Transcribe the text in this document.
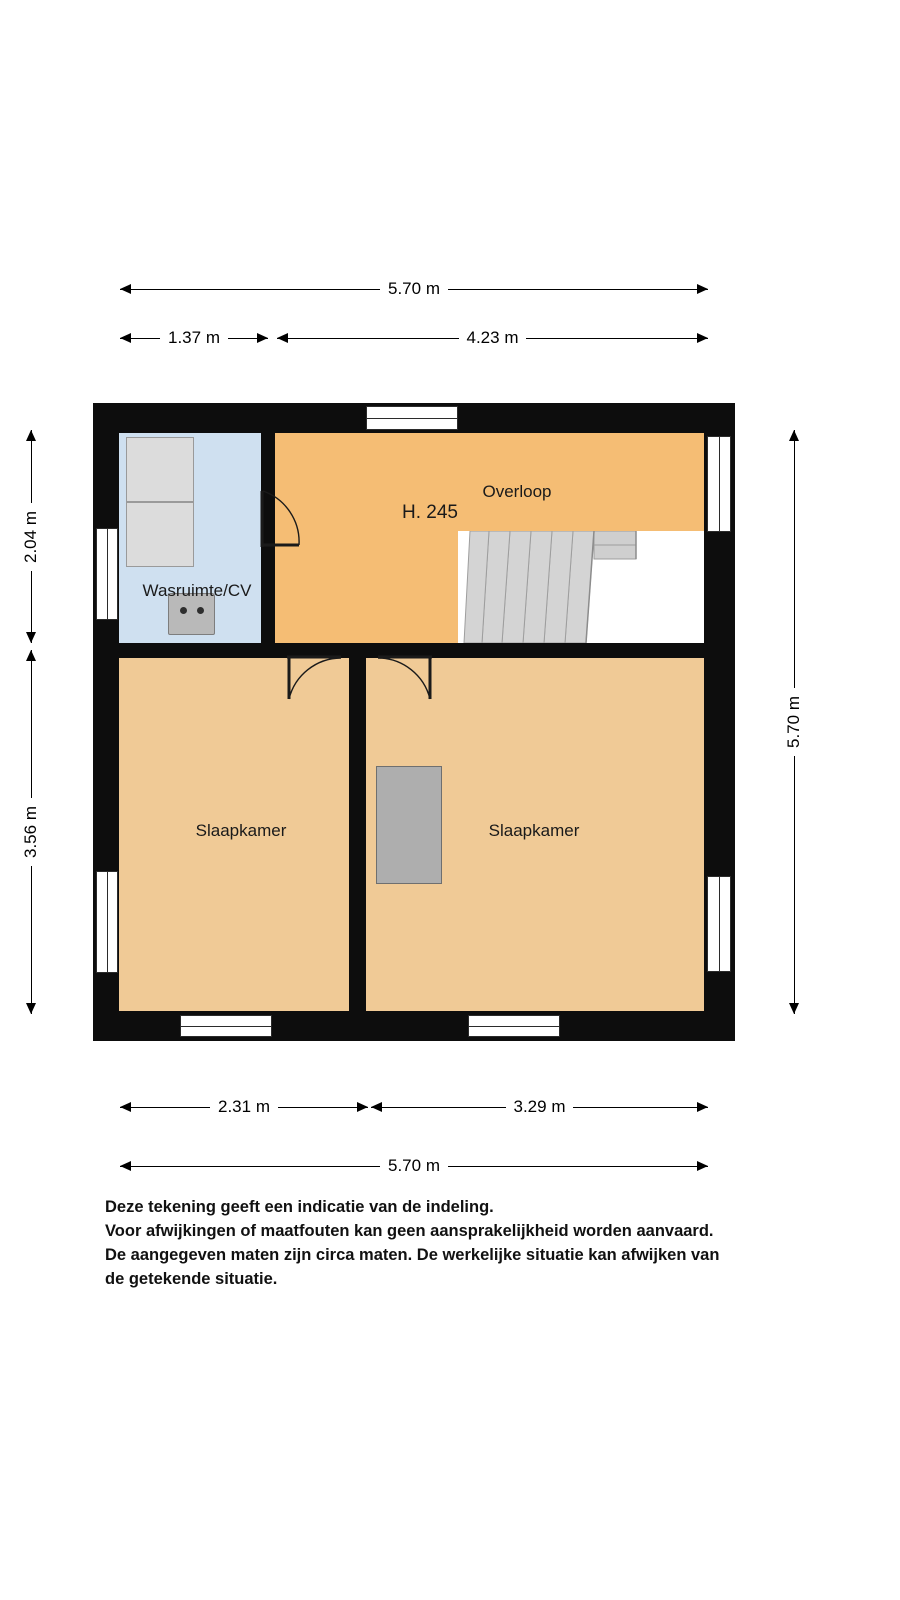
5.70 m
1.37 m	4.23 m
2.04 m
3.56 m
5.70 m
Wasruimte/CV
Overloop
H. 245
Slaapkamer	Slaapkamer
2.31 m	3.29 m
5.70 m
Deze tekening geeft een indicatie van de indeling.
Voor afwijkingen of maatfouten kan geen aansprakelijkheid worden aanvaard.
De aangegeven maten zijn circa maten. De werkelijke situatie kan afwijken van
de getekende situatie.
